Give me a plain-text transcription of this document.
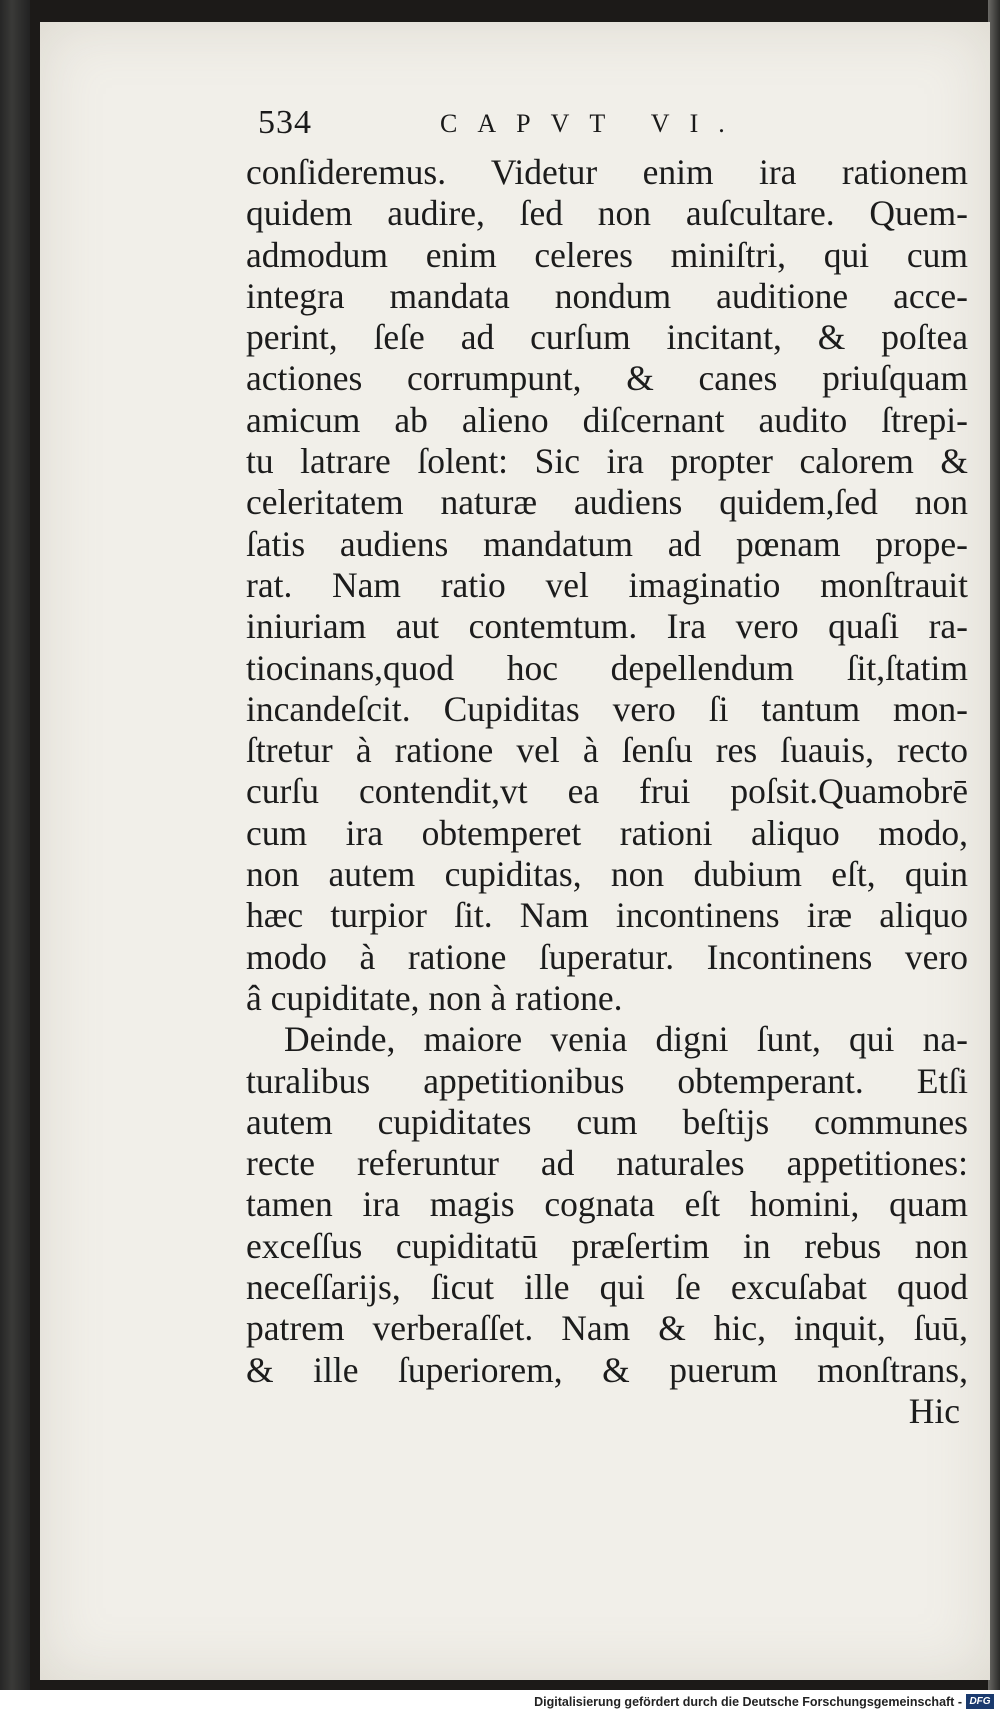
534	CAPVT VI.
conſideremus. Videtur enim ira rationem
quidem audire, ſed non auſcultare. Quem-
admodum enim celeres miniſtri, qui cum
integra mandata nondum auditione acce-
perint, ſeſe ad curſum incitant, & poſtea
actiones corrumpunt, & canes priuſquam
amicum ab alieno diſcernant audito ſtrepi-
tu latrare ſolent: Sic ira propter calorem &
celeritatem naturæ audiens quidem,ſed non
ſatis audiens mandatum ad pœnam prope-
rat. Nam ratio vel imaginatio monſtrauit
iniuriam aut contemtum. Ira vero quaſi ra-
tiocinans,quod hoc depellendum ſit,ſtatim
incandeſcit. Cupiditas vero ſi tantum mon-
ſtretur à ratione vel à ſenſu res ſuauis, recto
curſu contendit,vt ea frui poſsit.Quamobrē
cum ira obtemperet rationi aliquo modo,
non autem cupiditas, non dubium eſt, quin
hæc turpior ſit. Nam incontinens iræ aliquo
modo à ratione ſuperatur. Incontinens vero
â cupiditate, non à ratione.
Deinde, maiore venia digni ſunt, qui na-
turalibus appetitionibus obtemperant. Etſi
autem cupiditates cum beſtijs communes
recte referuntur ad naturales appetitiones:
tamen ira magis cognata eſt homini, quam
exceſſus cupiditatū præſertim in rebus non
neceſſarijs, ſicut ille qui ſe excuſabat quod
patrem verberaſſet. Nam & hic, inquit, ſuū,
& ille ſuperiorem, & puerum monſtrans,
Hic
Digitalisierung gefördert durch die Deutsche Forschungsgemeinschaft - DFG
